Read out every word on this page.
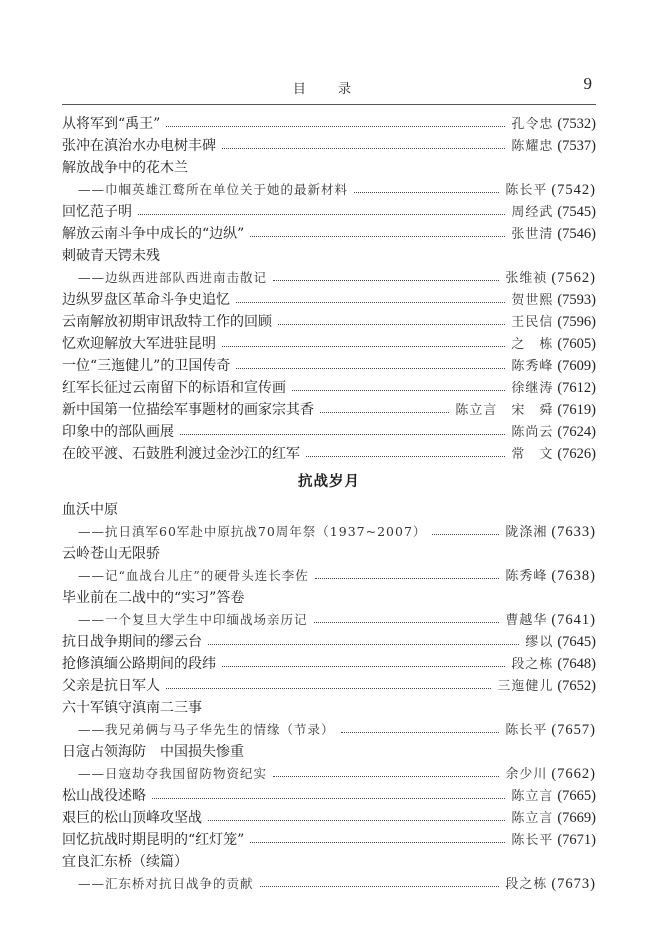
目 录	9
从将军到“禹王”	孔令忠 (7532)
张冲在滇治水办电树丰碑	陈耀忠 (7537)
解放战争中的花木兰
——巾帼英雄江鹜所在单位关于她的最新材料	陈长平 (7542)
回忆范子明	周经武 (7545)
解放云南斗争中成长的“边纵”	张世清 (7546)
刺破青天锷未残
——边纵西进部队西进南击散记	张维祯 (7562)
边纵罗盘区革命斗争史追忆	贺世熙 (7593)
云南解放初期审讯敌特工作的回顾	王民信 (7596)
忆欢迎解放大军进驻昆明	之　栋 (7605)
一位“三迤健儿”的卫国传奇	陈秀峰 (7609)
红军长征过云南留下的标语和宣传画	徐继涛 (7612)
新中国第一位描绘军事题材的画家宗其香	陈立言　宋　舜 (7619)
印象中的部队画展	陈尚云 (7624)
在皎平渡、石鼓胜利渡过金沙江的红军	常　文 (7626)
抗战岁月
血沃中原
——抗日滇军60军赴中原抗战70周年祭（1937~2007）	陇涤湘 (7633)
云岭苍山无限骄
——记“血战台儿庄”的硬骨头连长李佐	陈秀峰 (7638)
毕业前在二战中的“实习”答卷
——一个复旦大学生中印缅战场亲历记	曹越华 (7641)
抗日战争期间的缪云台	缪以 (7645)
抢修滇缅公路期间的段纬	段之栋 (7648)
父亲是抗日军人	三迤健儿 (7652)
六十军镇守滇南二三事
——我兄弟俩与马子华先生的情缘（节录）	陈长平 (7657)
日寇占领海防　中国损失惨重
——日寇劫夺我国留防物资纪实	余少川 (7662)
松山战役述略	陈立言 (7665)
艰巨的松山顶峰攻坚战	陈立言 (7669)
回忆抗战时期昆明的“红灯笼”	陈长平 (7671)
宜良汇东桥（续篇）
——汇东桥对抗日战争的贡献	段之栋 (7673)
